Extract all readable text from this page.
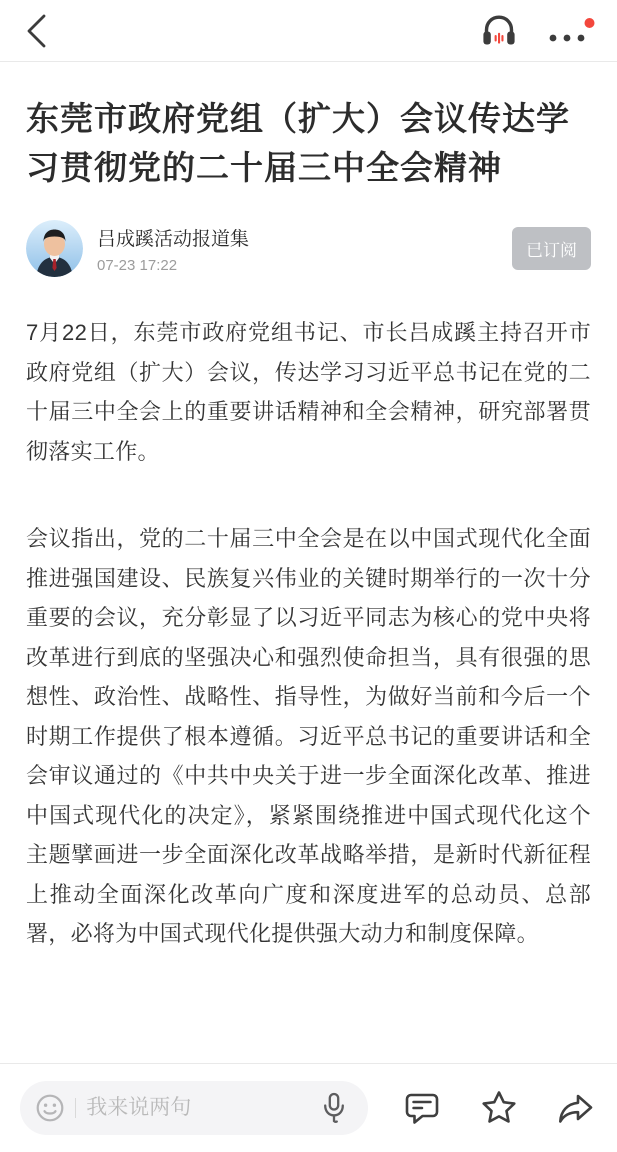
东莞市政府党组（扩大）会议传达学习贯彻党的二十届三中全会精神
吕成蹊活动报道集
07-23 17:22
已订阅

7月22日，东莞市政府党组书记、市长吕成蹊主持召开市政府党组（扩大）会议，传达学习习近平总书记在党的二十届三中全会上的重要讲话精神和全会精神，研究部署贯彻落实工作。

会议指出，党的二十届三中全会是在以中国式现代化全面推进强国建设、民族复兴伟业的关键时期举行的一次十分重要的会议，充分彰显了以习近平同志为核心的党中央将改革进行到底的坚强决心和强烈使命担当，具有很强的思想性、政治性、战略性、指导性，为做好当前和今后一个时期工作提供了根本遵循。习近平总书记的重要讲话和全会审议通过的《中共中央关于进一步全面深化改革、推进中国式现代化的决定》，紧紧围绕推进中国式现代化这个主题擘画进一步全面深化改革战略举措，是新时代新征程上推动全面深化改革向广度和深度进军的总动员、总部署，必将为中国式现代化提供强大动力和制度保障。

我来说两句
